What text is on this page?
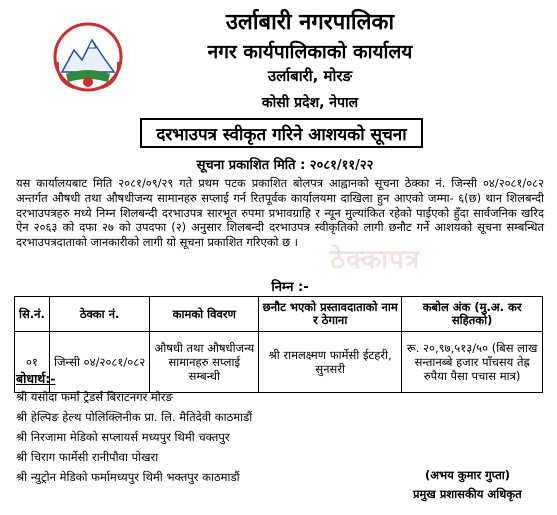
उर्लाबारी नगरपालिका
नगर कार्यपालिकाको कार्यालय
उर्लाबारी, मोरङ
कोसी प्रदेश, नेपाल
दरभाउपत्र स्वीकृत गरिने आशयको सूचना
सूचना प्रकाशित मिति : २०८१/११/२२
ठेक्कापत्र
यस कार्यालयबाट मिति २०८१/०९/२९ गते प्रथम पटक प्रकाशित बोलपत्र आह्वानको सूचना ठेक्का नं. जिन्सी ०४/२०८१/०८२ अन्तर्गत औषधी तथा औषधीजन्य सामानहरु सप्लाई गर्न रितपूर्वक कार्यालयमा दाखिला हुन आएको जम्मा- ६(छ) थान शिलबन्दी दरभाउपत्रहरु मध्ये निम्न शिलबन्दी दरभाउपत्र सारभूत रुपमा प्रभावग्राहि र न्यून मुल्यांकित रहेको पाईएको हुँदा सार्वजनिक खरिद ऐन २०६३ को दफा २७ को उपदफा (२) अनुसार शिलबन्दी दरभाउपत्र स्वीकृतिको लागी छनौट गर्ने आशयको सूचना सम्बन्धित दरभाउपत्रदाताको जानकारीको लागी यो सूचना प्रकाशित गरिएको छ ।
निम्न :-
सि.नं.	ठेक्का नं.	कामको विवरण	छनौट भएको प्रस्तावदाताको नाम र ठेगाना	कबोल अंक (मु.अ. कर सहितको)
०१	जिन्सी ०४/२०८१/०८२	औषधी तथा औषधीजन्य सामानहरु सप्लाई सम्बन्धी	श्री रामलक्ष्मण फार्मेसी ईटहरी, सुनसरी	रू. २०,९७,५१३/५० (बिस लाख सन्तानब्बे हजार पाँचसय तेह्र रुपैया पैसा पचास मात्र)
बोधार्थ:-
श्री यसोदा फर्मा ट्रेडर्स बिराटनगर मोरङ
श्री हेल्पिङ हेल्थ पोलिक्लिनीक प्रा. लि. मैतिदेवी काठमाडौं
श्री निरजामा मेडिको सप्लायर्स मध्यपुर थिमी चक्तपुर
श्री चिराग फार्मेसी रानीपौवा पोखरा
श्री न्युट्रोन मेडिको फर्मामध्यपुर थिमी भक्तपुर काठमाडौं	(अभय कुमार गुप्ता)
प्रमुख प्रशासकीय अधिकृत
